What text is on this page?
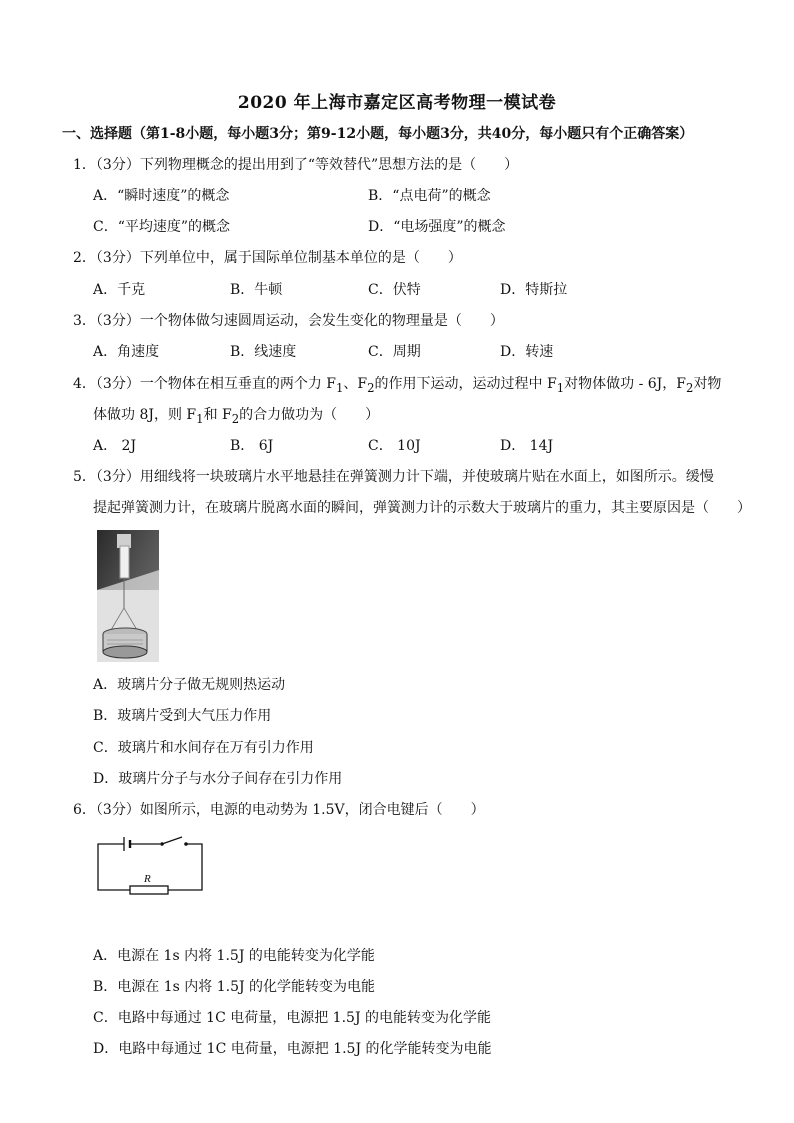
2020 年上海市嘉定区高考物理一模试卷
一、选择题（第1-8小题，每小题3分；第9-12小题，每小题3分，共40分，每小题只有个正确答案）
1．（3分）下列物理概念的提出用到了“等效替代”思想方法的是（　　）
A．“瞬时速度”的概念	B．“点电荷”的概念
C．“平均速度”的概念	D．“电场强度”的概念
2．（3分）下列单位中，属于国际单位制基本单位的是（　　）
A．千克	B．牛顿	C．伏特	D．特斯拉
3．（3分）一个物体做匀速圆周运动，会发生变化的物理量是（　　）
A．角速度	B．线速度	C．周期	D．转速
4．（3分）一个物体在相互垂直的两个力 $F_1$、$F_2$的作用下运动，运动过程中 $F_1$对物体做功 - 6J，$F_2$对物
体做功 8J，则 $F_1$和 $F_2$的合力做功为（　　）
A． 2J	B． 6J	C． 10J	D． 14J
5．（3分）用细线将一块玻璃片水平地悬挂在弹簧测力计下端，并使玻璃片贴在水面上，如图所示。缓慢
提起弹簧测力计，在玻璃片脱离水面的瞬间，弹簧测力计的示数大于玻璃片的重力，其主要原因是（　　）
A．玻璃片分子做无规则热运动
B．玻璃片受到大气压力作用
C．玻璃片和水间存在万有引力作用
D．玻璃片分子与水分子间存在引力作用
6．（3分）如图所示，电源的电动势为 1.5V，闭合电键后（　　）
R
A．电源在 1s 内将 1.5J 的电能转变为化学能
B．电源在 1s 内将 1.5J 的化学能转变为电能
C．电路中每通过 1C 电荷量，电源把 1.5J 的电能转变为化学能
D．电路中每通过 1C 电荷量，电源把 1.5J 的化学能转变为电能
